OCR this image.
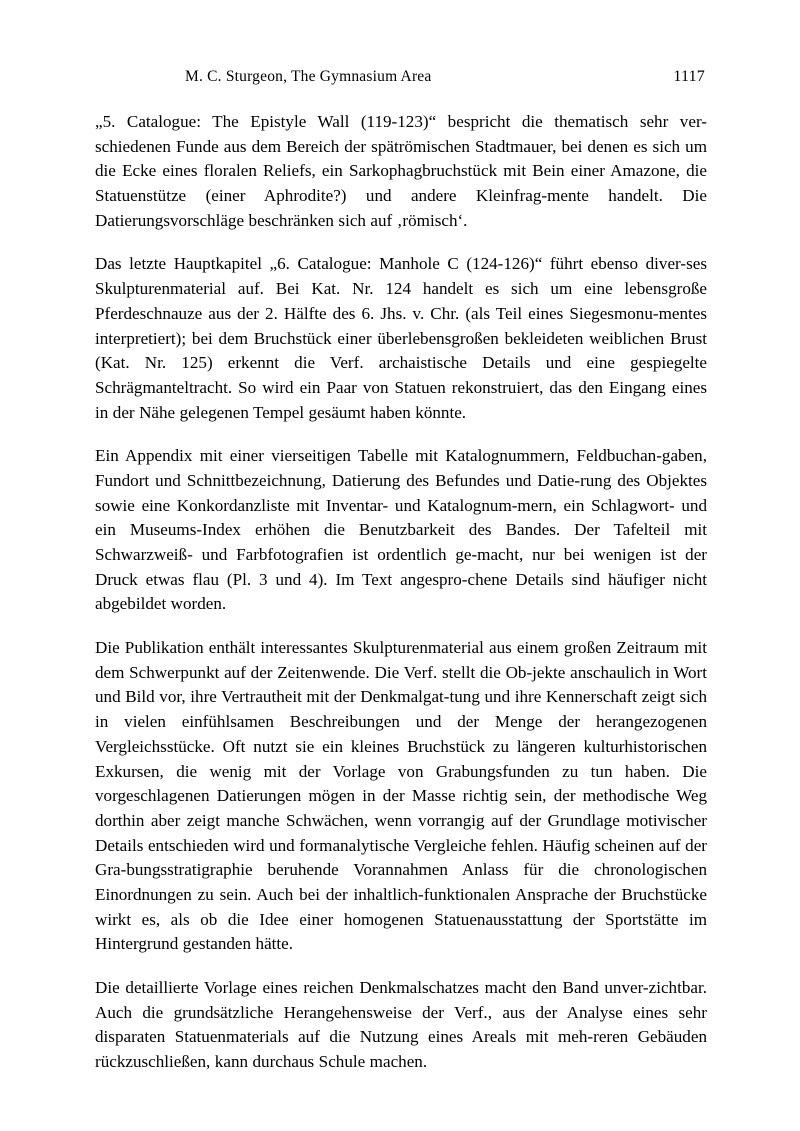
M. C. Sturgeon, The Gymnasium Area	1117

„5. Catalogue: The Epistyle Wall (119-123)“ bespricht die thematisch sehr ver-schiedenen Funde aus dem Bereich der spätrömischen Stadtmauer, bei denen es sich um die Ecke eines floralen Reliefs, ein Sarkophagbruchstück mit Bein einer Amazone, die Statuenstütze (einer Aphrodite?) und andere Kleinfrag-mente handelt. Die Datierungsvorschläge beschränken sich auf ‚römisch‘.

Das letzte Hauptkapitel „6. Catalogue: Manhole C (124-126)“ führt ebenso diver-ses Skulpturenmaterial auf. Bei Kat. Nr. 124 handelt es sich um eine lebensgroße Pferdeschnauze aus der 2. Hälfte des 6. Jhs. v. Chr. (als Teil eines Siegesmonu-mentes interpretiert); bei dem Bruchstück einer überlebensgroßen bekleideten weiblichen Brust (Kat. Nr. 125) erkennt die Verf. archaistische Details und eine gespiegelte Schrägmanteltracht. So wird ein Paar von Statuen rekonstruiert, das den Eingang eines in der Nähe gelegenen Tempel gesäumt haben könnte.

Ein Appendix mit einer vierseitigen Tabelle mit Katalognummern, Feldbuchan-gaben, Fundort und Schnittbezeichnung, Datierung des Befundes und Datie-rung des Objektes sowie eine Konkordanzliste mit Inventar- und Katalognum-mern, ein Schlagwort- und ein Museums-Index erhöhen die Benutzbarkeit des Bandes. Der Tafelteil mit Schwarzweiß- und Farbfotografien ist ordentlich ge-macht, nur bei wenigen ist der Druck etwas flau (Pl. 3 und 4). Im Text angespro-chene Details sind häufiger nicht abgebildet worden.

Die Publikation enthält interessantes Skulpturenmaterial aus einem großen Zeitraum mit dem Schwerpunkt auf der Zeitenwende. Die Verf. stellt die Ob-jekte anschaulich in Wort und Bild vor, ihre Vertrautheit mit der Denkmalgat-tung und ihre Kennerschaft zeigt sich in vielen einfühlsamen Beschreibungen und der Menge der herangezogenen Vergleichsstücke. Oft nutzt sie ein kleines Bruchstück zu längeren kulturhistorischen Exkursen, die wenig mit der Vorlage von Grabungsfunden zu tun haben. Die vorgeschlagenen Datierungen mögen in der Masse richtig sein, der methodische Weg dorthin aber zeigt manche Schwächen, wenn vorrangig auf der Grundlage motivischer Details entschieden wird und formanalytische Vergleiche fehlen. Häufig scheinen auf der Gra-bungsstratigraphie beruhende Vorannahmen Anlass für die chronologischen Einordnungen zu sein. Auch bei der inhaltlich-funktionalen Ansprache der Bruchstücke wirkt es, als ob die Idee einer homogenen Statuenausstattung der Sportstätte im Hintergrund gestanden hätte.

Die detaillierte Vorlage eines reichen Denkmalschatzes macht den Band unver-zichtbar. Auch die grundsätzliche Herangehensweise der Verf., aus der Analyse eines sehr disparaten Statuenmaterials auf die Nutzung eines Areals mit meh-reren Gebäuden rückzuschließen, kann durchaus Schule machen.
